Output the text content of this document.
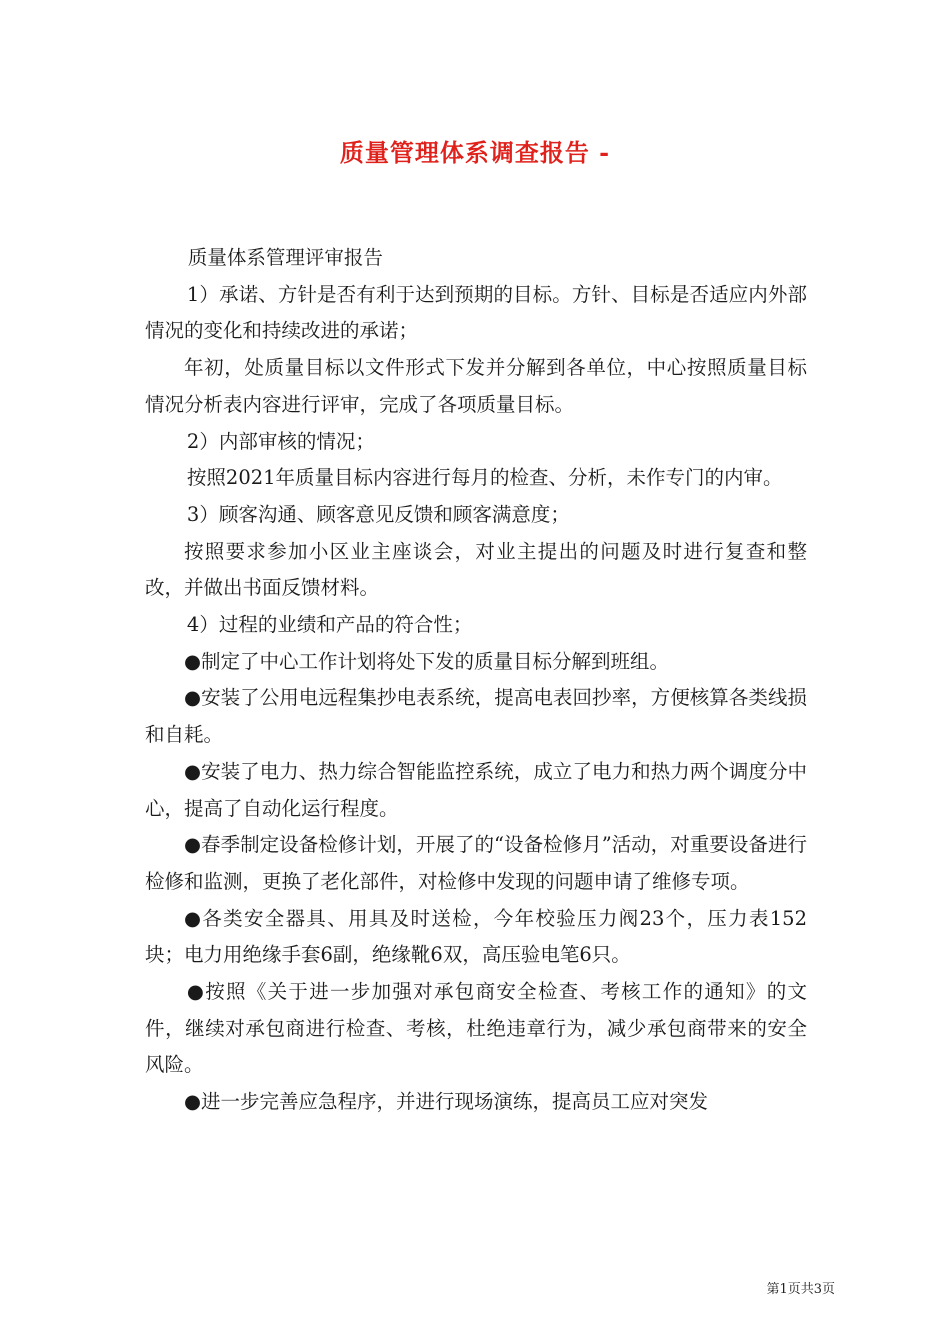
质量管理体系调查报告 -

质量体系管理评审报告

1）承诺、方针是否有利于达到预期的目标。方针、目标是否适应内外部情况的变化和持续改进的承诺；

年初，处质量目标以文件形式下发并分解到各单位，中心按照质量目标情况分析表内容进行评审，完成了各项质量目标。

2）内部审核的情况；

按照2021年质量目标内容进行每月的检查、分析，未作专门的内审。

3）顾客沟通、顾客意见反馈和顾客满意度；

按照要求参加小区业主座谈会，对业主提出的问题及时进行复查和整改，并做出书面反馈材料。

4）过程的业绩和产品的符合性；

●制定了中心工作计划将处下发的质量目标分解到班组。

●安装了公用电远程集抄电表系统，提高电表回抄率，方便核算各类线损和自耗。

●安装了电力、热力综合智能监控系统，成立了电力和热力两个调度分中心，提高了自动化运行程度。

●春季制定设备检修计划，开展了的“设备检修月”活动，对重要设备进行检修和监测，更换了老化部件，对检修中发现的问题申请了维修专项。

●各类安全器具、用具及时送检，今年校验压力阀23个，压力表152块；电力用绝缘手套6副，绝缘靴6双，高压验电笔6只。

●按照《关于进一步加强对承包商安全检查、考核工作的通知》的文件，继续对承包商进行检查、考核，杜绝违章行为，减少承包商带来的安全风险。

●进一步完善应急程序，并进行现场演练，提高员工应对突发

第1页共3页
